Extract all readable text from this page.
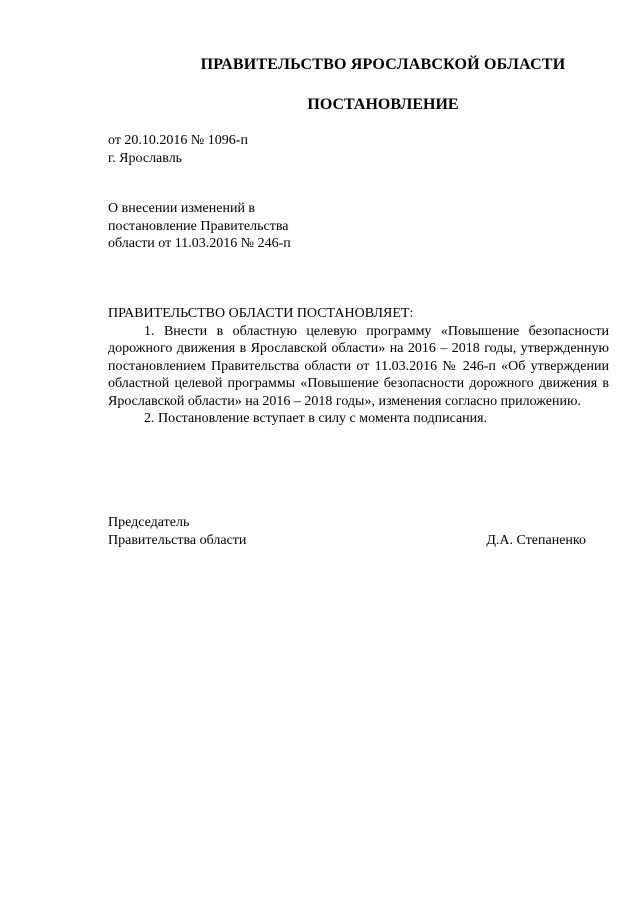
ПРАВИТЕЛЬСТВО ЯРОСЛАВСКОЙ ОБЛАСТИ
ПОСТАНОВЛЕНИЕ
от 20.10.2016 № 1096-п
г. Ярославль
О внесении изменений в
постановление Правительства
области от 11.03.2016 № 246-п
ПРАВИТЕЛЬСТВО ОБЛАСТИ ПОСТАНОВЛЯЕТ:

1. Внести в областную целевую программу «Повышение безопасности дорожного движения в Ярославской области» на 2016 – 2018 годы, утвержденную постановлением Правительства области от 11.03.2016 № 246-п «Об утверждении областной целевой программы «Повышение безопасности дорожного движения в Ярославской области» на 2016 – 2018 годы», изменения согласно приложению.

2. Постановление вступает в силу с момента подписания.

Председатель
Правительства области	Д.А. Степаненко
